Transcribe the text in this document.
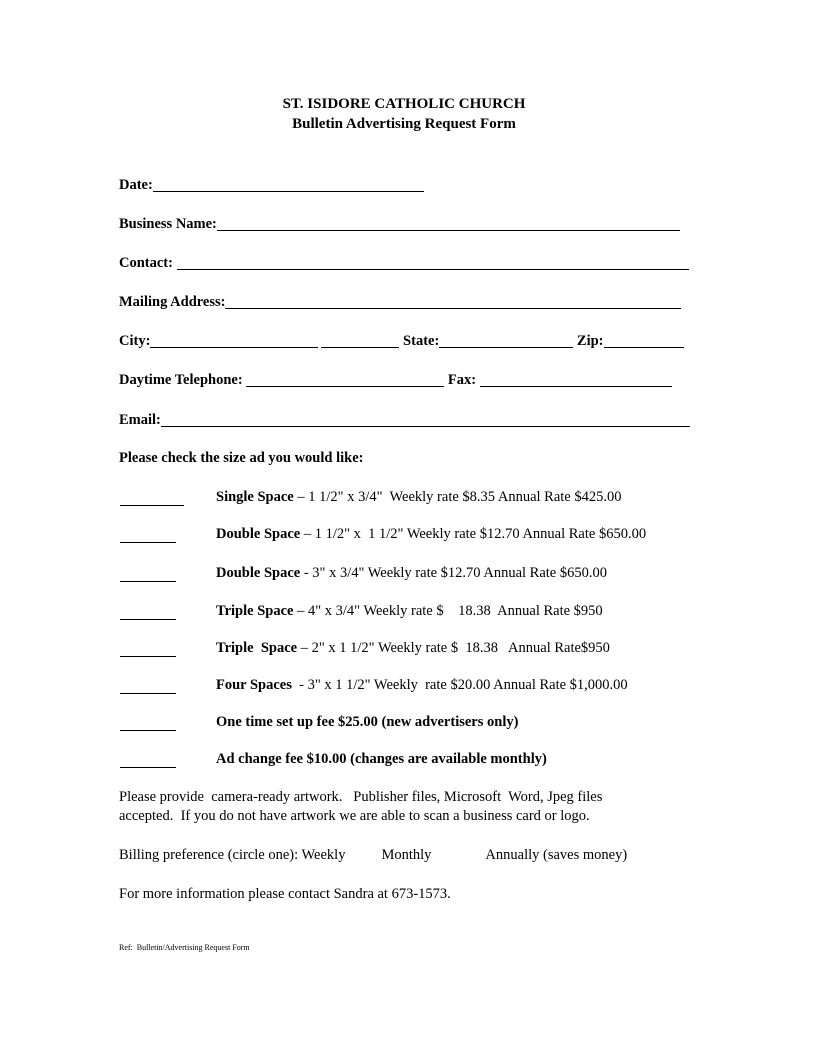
ST. ISIDORE CATHOLIC CHURCH
Bulletin Advertising Request Form
Date:
Business Name:
Contact:
Mailing Address:
City:	State:	Zip:
Daytime Telephone:	Fax:
Email:
Please check the size ad you would like:
Single Space – 1 1/2" x 3/4"  Weekly rate $8.35 Annual Rate $425.00
Double Space – 1 1/2" x  1 1/2" Weekly rate $12.70 Annual Rate $650.00
Double Space - 3" x 3/4" Weekly rate $12.70 Annual Rate $650.00
Triple Space – 4" x 3/4" Weekly rate $    18.38  Annual Rate $950
Triple  Space – 2" x 1 1/2" Weekly rate $  18.38   Annual Rate$950
Four Spaces  - 3" x 1 1/2" Weekly  rate $20.00 Annual Rate $1,000.00
One time set up fee $25.00 (new advertisers only)
Ad change fee $10.00 (changes are available monthly)
Please provide  camera-ready artwork.   Publisher files, Microsoft  Word, Jpeg files
accepted.  If you do not have artwork we are able to scan a business card or logo.
Billing preference (circle one): Weekly Monthly	Annually (saves money)
For more information please contact Sandra at 673-1573.
Ref:  Bulletin/Advertising Request Form
